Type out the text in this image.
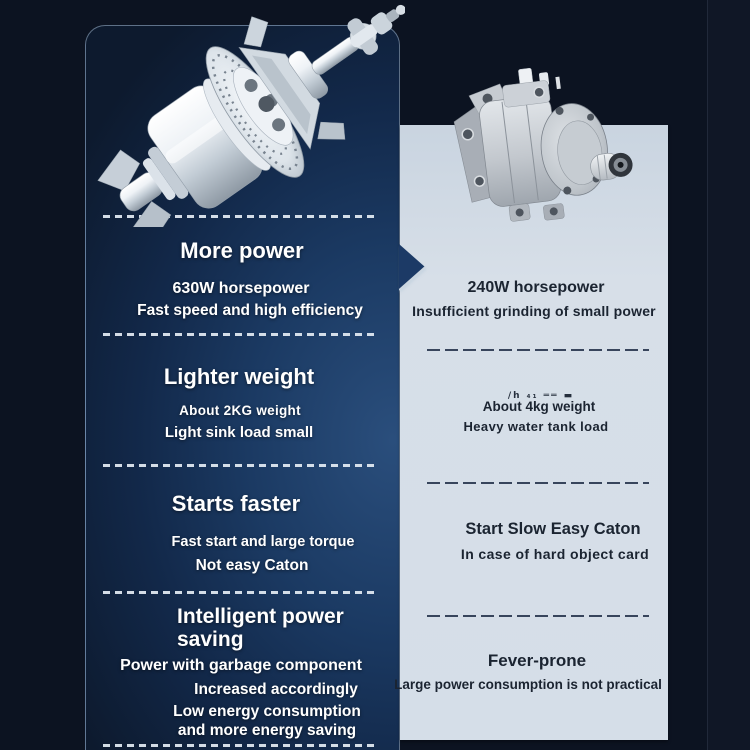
More power
630W horsepower
Fast speed and high efficiency
Lighter weight
About 2KG weight
Light sink load small
Starts faster
Fast start and large torque
Not easy Caton
Intelligent power saving
Power with garbage component
Increased accordingly
Low energy consumption and more energy saving
240W horsepower
Insufficient grinding of small power
∕h ₄₁ ══ ▬
About 4kg weight
Heavy water tank load
Start Slow Easy Caton
In case of hard object card
Fever-prone
Large power consumption is not practical
